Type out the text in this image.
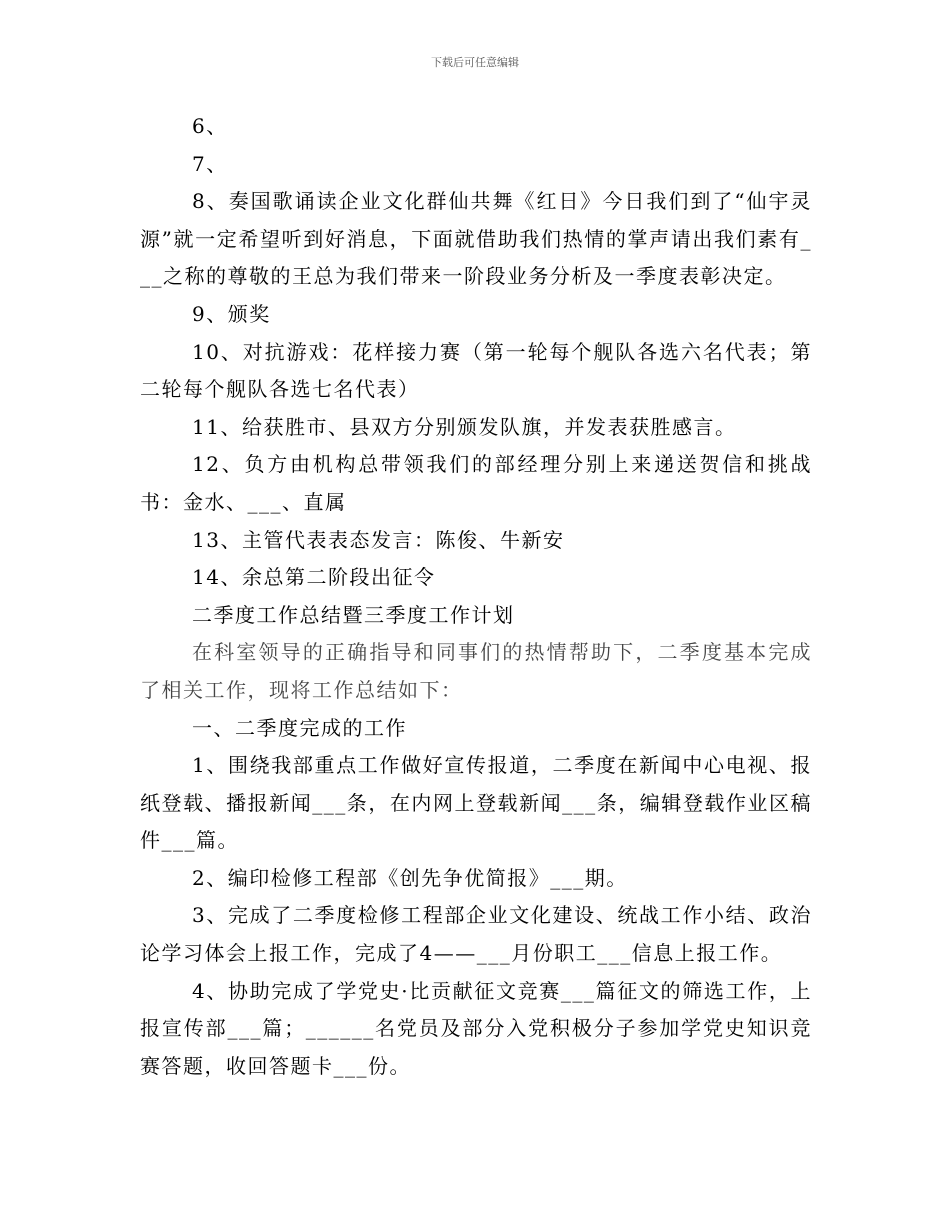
下载后可任意编辑

6、

7、

8、奏国歌诵读企业文化群仙共舞《红日》今日我们到了“仙宇灵源”就一定希望听到好消息，下面就借助我们热情的掌声请出我们素有___之称的尊敬的王总为我们带来一阶段业务分析及一季度表彰决定。

9、颁奖

10、对抗游戏：花样接力赛（第一轮每个舰队各选六名代表；第二轮每个舰队各选七名代表）

11、给获胜市、县双方分别颁发队旗，并发表获胜感言。

12、负方由机构总带领我们的部经理分别上来递送贺信和挑战书：金水、___、直属

13、主管代表表态发言：陈俊、牛新安

14、余总第二阶段出征令

二季度工作总结暨三季度工作计划

在科室领导的正确指导和同事们的热情帮助下，二季度基本完成了相关工作，现将工作总结如下：

一、二季度完成的工作

1、围绕我部重点工作做好宣传报道，二季度在新闻中心电视、报纸登载、播报新闻___条，在内网上登载新闻___条，编辑登载作业区稿件___篇。

2、编印检修工程部《创先争优简报》___期。

3、完成了二季度检修工程部企业文化建设、统战工作小结、政治论学习体会上报工作，完成了4——___月份职工___信息上报工作。

4、协助完成了学党史·比贡献征文竞赛___篇征文的筛选工作，上报宣传部___篇；______名党员及部分入党积极分子参加学党史知识竞赛答题，收回答题卡___份。
